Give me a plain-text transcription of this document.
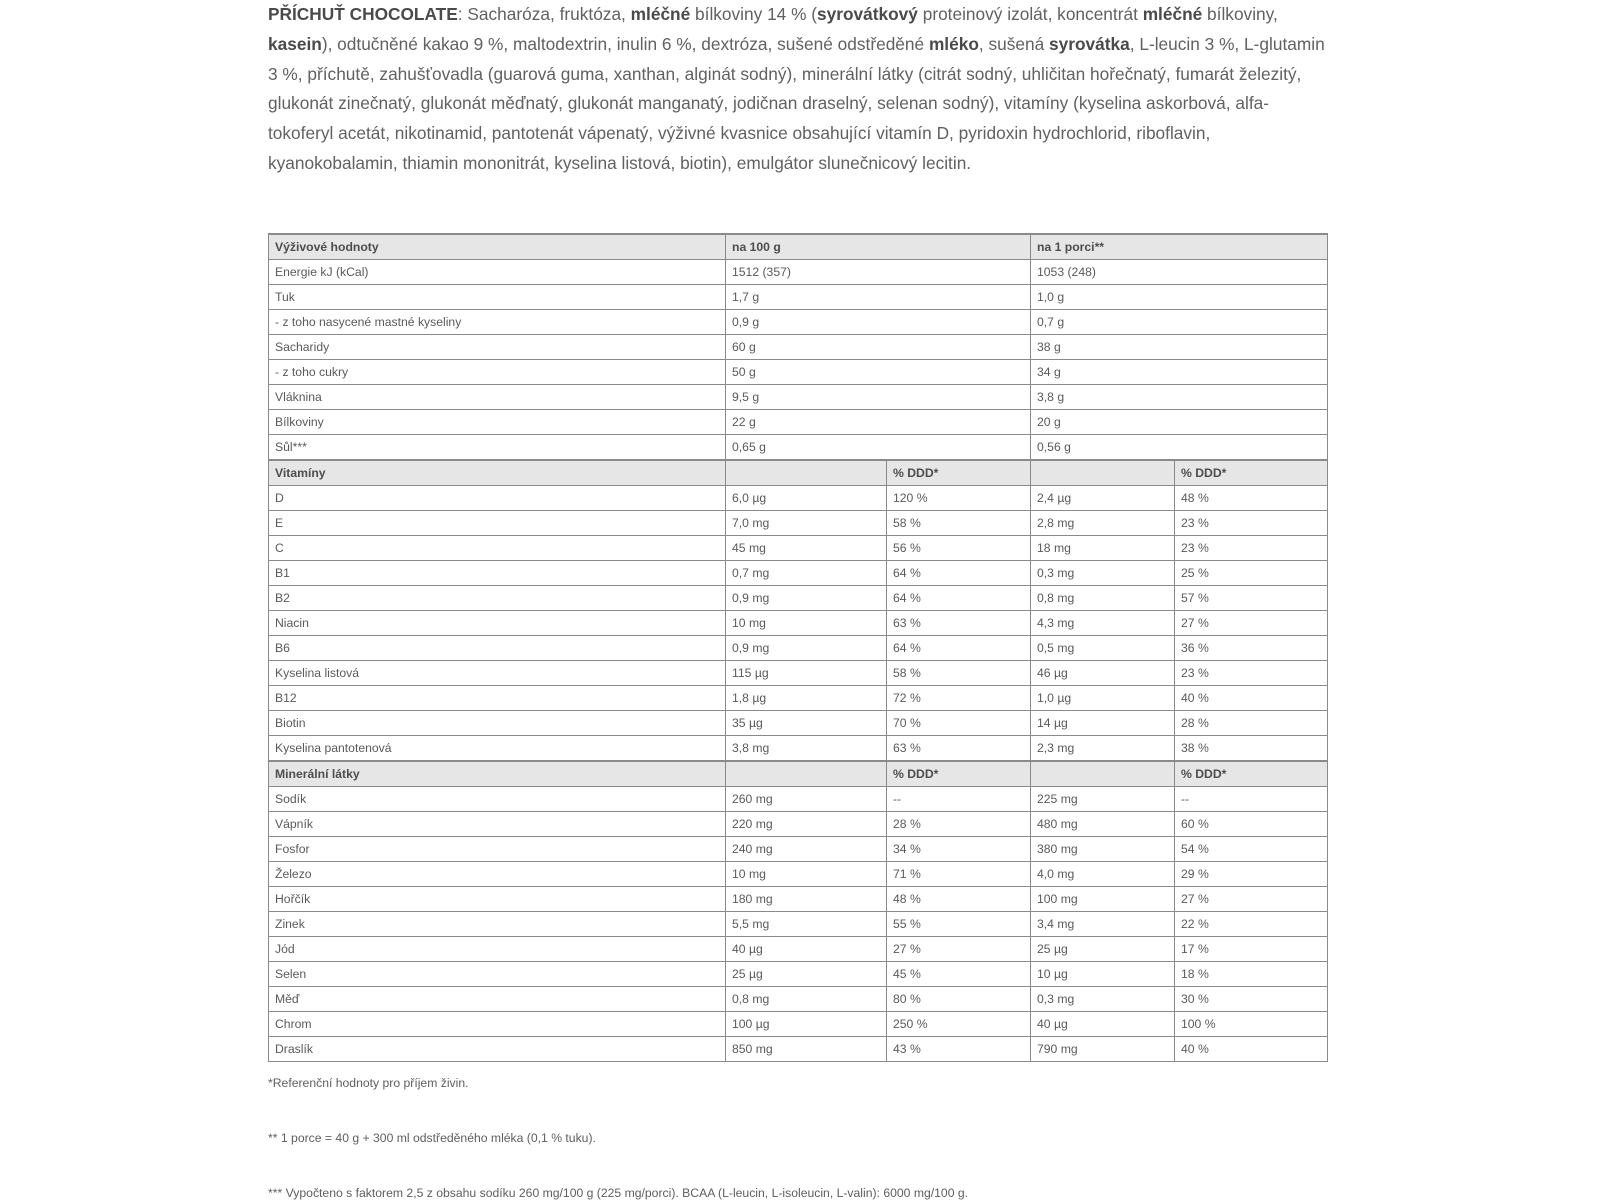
PŘÍCHUŤ CHOCOLATE: Sacharóza, fruktóza, mléčné bílkoviny 14 % (syrovátkový proteinový izolát, koncentrát mléčné bílkoviny, kasein), odtučněné kakao 9 %, maltodextrin, inulin 6 %, dextróza, sušené odstředěné mléko, sušená syrovátka, L-leucin 3 %, L-glutamin 3 %, příchutě, zahušťovadla (guarová guma, xanthan, alginát sodný), minerální látky (citrát sodný, uhličitan hořečnatý, fumarát železitý, glukonát zinečnatý, glukonát měďnatý, glukonát manganatý, jodičnan draselný, selenan sodný), vitamíny (kyselina askorbová, alfa-tokoferyl acetát, nikotinamid, pantotenát vápenatý, výživné kvasnice obsahující vitamín D, pyridoxin hydrochlorid, riboflavin, kyanokobalamin, thiamin mononitrát, kyselina listová, biotin), emulgátor slunečnicový lecitin.
Výživové hodnoty	na 100 g		na 1 porci**	
Energie kJ (kCal)	1512 (357)		1053 (248)	
Tuk	1,7 g		1,0 g	
- z toho nasycené mastné kyseliny	0,9 g		0,7 g	
Sacharidy	60 g		38 g	
- z toho cukry	50 g		34 g	
Vláknina	9,5 g		3,8 g	
Bílkoviny	22 g		20 g	
Sůl***	0,65 g		0,56 g	
Vitamíny		% DDD*		% DDD*
D	6,0 µg	120 %	2,4 µg	48 %
E	7,0 mg	58 %	2,8 mg	23 %
C	45 mg	56 %	18 mg	23 %
B1	0,7 mg	64 %	0,3 mg	25 %
B2	0,9 mg	64 %	0,8 mg	57 %
Niacin	10 mg	63 %	4,3 mg	27 %
B6	0,9 mg	64 %	0,5 mg	36 %
Kyselina listová	115 µg	58 %	46 µg	23 %
B12	1,8 µg	72 %	1,0 µg	40 %
Biotin	35 µg	70 %	14 µg	28 %
Kyselina pantotenová	3,8 mg	63 %	2,3 mg	38 %
Minerální látky		% DDD*		% DDD*
Sodík	260 mg	--	225 mg	--
Vápník	220 mg	28 %	480 mg	60 %
Fosfor	240 mg	34 %	380 mg	54 %
Železo	10 mg	71 %	4,0 mg	29 %
Hořčík	180 mg	48 %	100 mg	27 %
Zinek	5,5 mg	55 %	3,4 mg	22 %
Jód	40 µg	27 %	25 µg	17 %
Selen	25 µg	45 %	10 µg	18 %
Měď	0,8 mg	80 %	0,3 mg	30 %
Chrom	100 µg	250 %	40 µg	100 %
Draslík	850 mg	43 %	790 mg	40 %
*Referenční hodnoty pro příjem živin.
** 1 porce = 40 g + 300 ml odstředěného mléka (0,1 % tuku).
*** Vypočteno s faktorem 2,5 z obsahu sodíku 260 mg/100 g (225 mg/porci). BCAA (L-leucin, L-isoleucin, L-valin): 6000 mg/100 g.
